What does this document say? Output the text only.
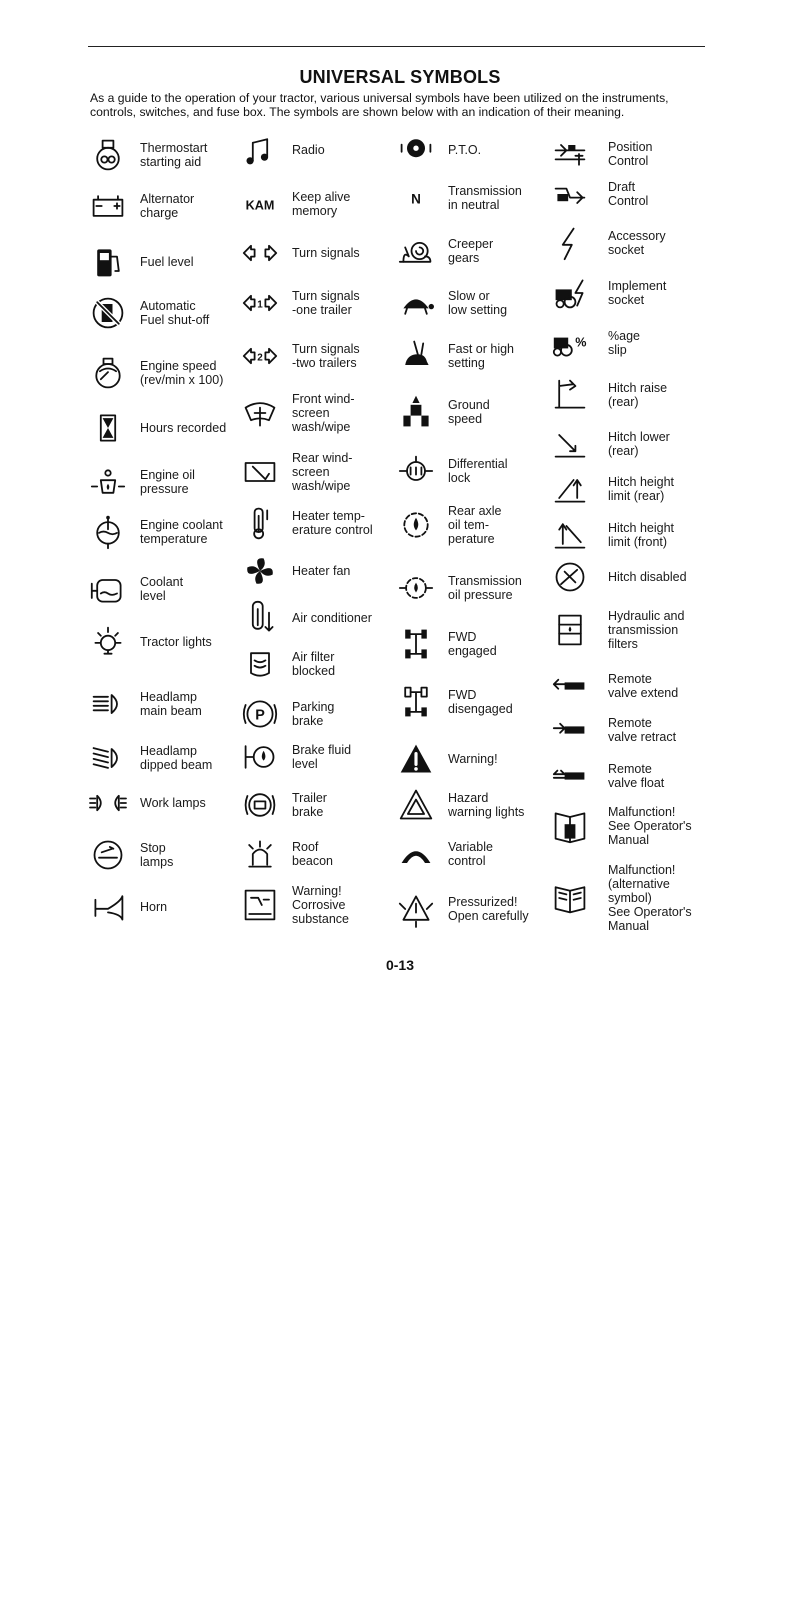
UNIVERSAL SYMBOLS
As a guide to the operation of your tractor, various universal symbols have been utilized on the instruments, controls, switches, and fuse box. The symbols are shown below with an indication of their meaning.
Thermostart
starting aid
Alternator
charge
Fuel level
Automatic
Fuel shut-off
Engine speed
(rev/min x 100)
Hours recorded
Engine oil
pressure
Engine coolant
temperature
Coolant
level
Tractor lights
Headlamp
main beam
Headlamp
dipped beam
Work lamps
Stop
lamps
Horn
Radio
KAM
Keep alive
memory
Turn signals
1
Turn signals
-one trailer
2
Turn signals
-two trailers
Front wind-
screen
wash/wipe
Rear wind-
screen
wash/wipe
Heater temp-
erature control
Heater fan
Air conditioner
Air filter
blocked
P
Parking
brake
Brake fluid
level
Trailer
brake
Roof
beacon
Warning!
Corrosive
substance
P.T.O.
N
Transmission
in neutral
Creeper
gears
Slow or
low setting
Fast or high
setting
Ground
speed
Differential
lock
Rear axle
oil tem-
perature
Transmission
oil pressure
FWD
engaged
FWD
disengaged
Warning!
Hazard
warning lights
Variable
control
Pressurized!
Open carefully
Position
Control
Draft
Control
Accessory
socket
Implement
socket
% %age
slip
Hitch raise
(rear)
Hitch lower
(rear)
Hitch height
limit (rear)
Hitch height
limit (front)
Hitch disabled
Hydraulic and
transmission
filters
Remote
valve extend
Remote
valve retract
Remote
valve float
Malfunction!
See Operator's
Manual
Malfunction!
(alternative
symbol)
See Operator's
Manual
0-13
